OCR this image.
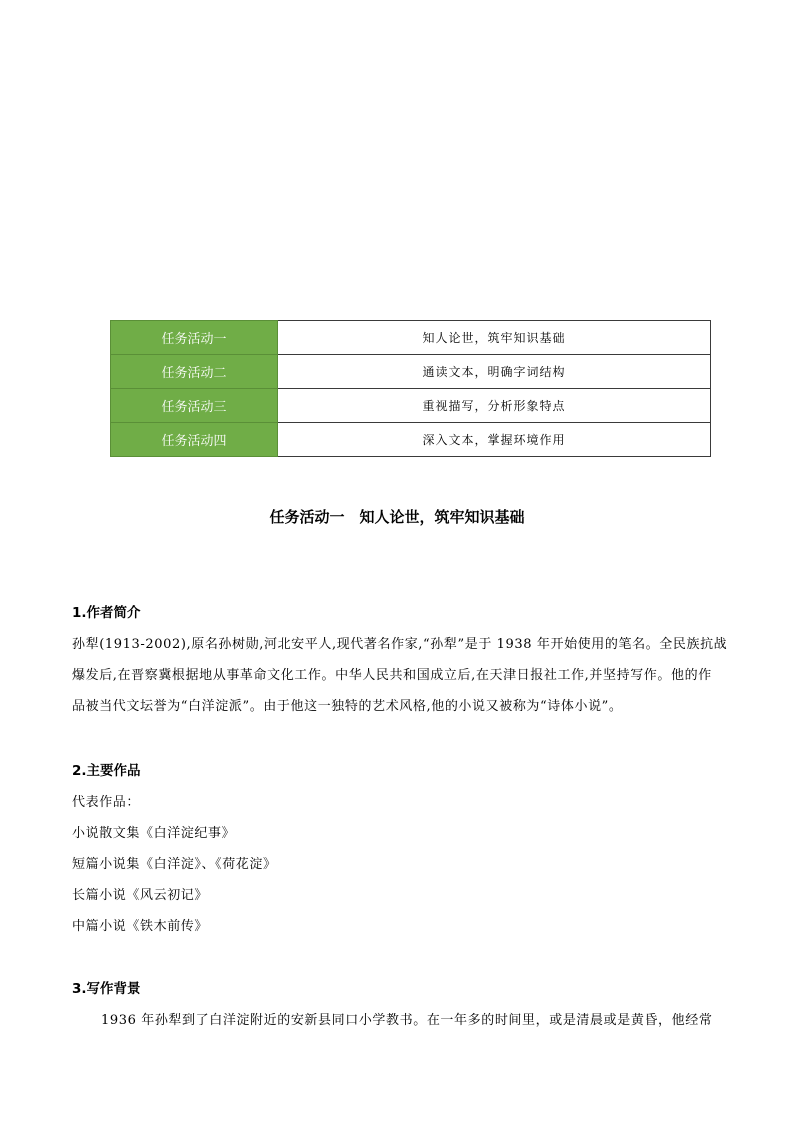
任务活动一	知人论世，筑牢知识基础
任务活动二	通读文本，明确字词结构
任务活动三	重视描写，分析形象特点
任务活动四	深入文本，掌握环境作用
任务活动一　知人论世，筑牢知识基础
1.作者简介
孙犁(1913-2002),原名孙树勋,河北安平人,现代著名作家,“孙犁”是于 1938 年开始使用的笔名。全民族抗战
爆发后,在晋察冀根据地从事革命文化工作。中华人民共和国成立后,在天津日报社工作,并坚持写作。他的作
品被当代文坛誉为“白洋淀派”。由于他这一独特的艺术风格,他的小说又被称为“诗体小说”。
2.主要作品
代表作品：
小说散文集《白洋淀纪事》
短篇小说集《白洋淀》、《荷花淀》
长篇小说《风云初记》
中篇小说《铁木前传》
3.写作背景
1936 年孙犁到了白洋淀附近的安新县同口小学教书。在一年多的时间里，或是清晨或是黄昏，他经常
